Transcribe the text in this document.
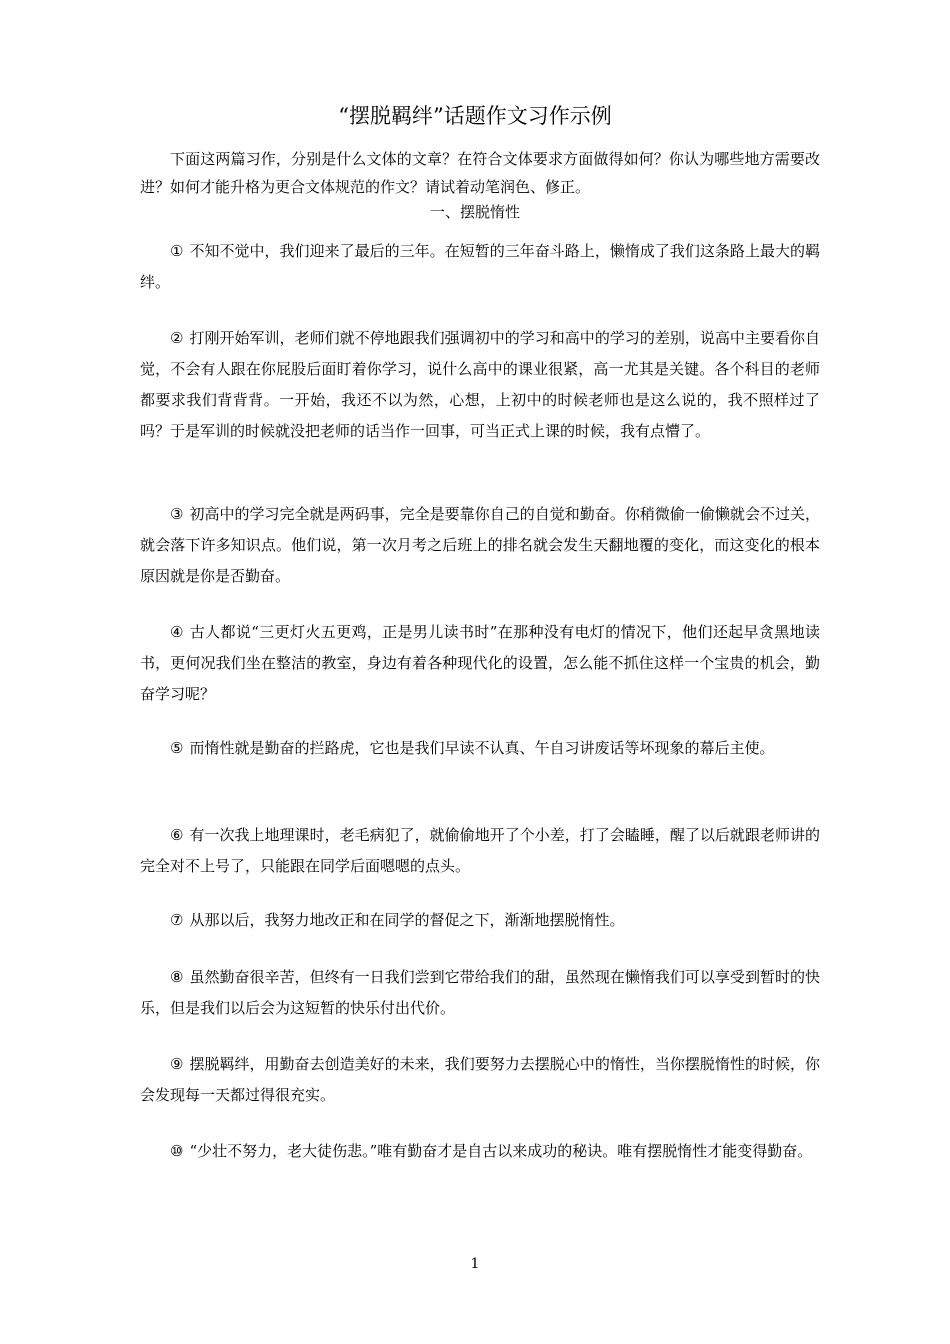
“摆脱羁绊”话题作文习作示例

下面这两篇习作，分别是什么文体的文章？在符合文体要求方面做得如何？你认为哪些地方需要改进？如何才能升格为更合文体规范的作文？请试着动笔润色、修正。

一、摆脱惰性

① 不知不觉中，我们迎来了最后的三年。在短暂的三年奋斗路上，懒惰成了我们这条路上最大的羁绊。

② 打刚开始军训，老师们就不停地跟我们强调初中的学习和高中的学习的差别，说高中主要看你自觉，不会有人跟在你屁股后面盯着你学习，说什么高中的课业很紧，高一尤其是关键。各个科目的老师都要求我们背背背。一开始，我还不以为然，心想，上初中的时候老师也是这么说的，我不照样过了吗？于是军训的时候就没把老师的话当作一回事，可当正式上课的时候，我有点懵了。

③ 初高中的学习完全就是两码事，完全是要靠你自己的自觉和勤奋。你稍微偷一偷懒就会不过关，就会落下许多知识点。他们说，第一次月考之后班上的排名就会发生天翻地覆的变化，而这变化的根本原因就是你是否勤奋。

④ 古人都说“三更灯火五更鸡，正是男儿读书时”在那种没有电灯的情况下，他们还起早贪黑地读书，更何况我们坐在整洁的教室，身边有着各种现代化的设置，怎么能不抓住这样一个宝贵的机会，勤奋学习呢？

⑤ 而惰性就是勤奋的拦路虎，它也是我们早读不认真、午自习讲废话等坏现象的幕后主使。

⑥ 有一次我上地理课时，老毛病犯了，就偷偷地开了个小差，打了会瞌睡，醒了以后就跟老师讲的完全对不上号了，只能跟在同学后面嗯嗯的点头。

⑦ 从那以后，我努力地改正和在同学的督促之下，渐渐地摆脱惰性。

⑧ 虽然勤奋很辛苦，但终有一日我们尝到它带给我们的甜，虽然现在懒惰我们可以享受到暂时的快乐，但是我们以后会为这短暂的快乐付出代价。

⑨ 摆脱羁绊，用勤奋去创造美好的未来，我们要努力去摆脱心中的惰性，当你摆脱惰性的时候，你会发现每一天都过得很充实。

⑩ “少壮不努力，老大徒伤悲。”唯有勤奋才是自古以来成功的秘诀。唯有摆脱惰性才能变得勤奋。

1
